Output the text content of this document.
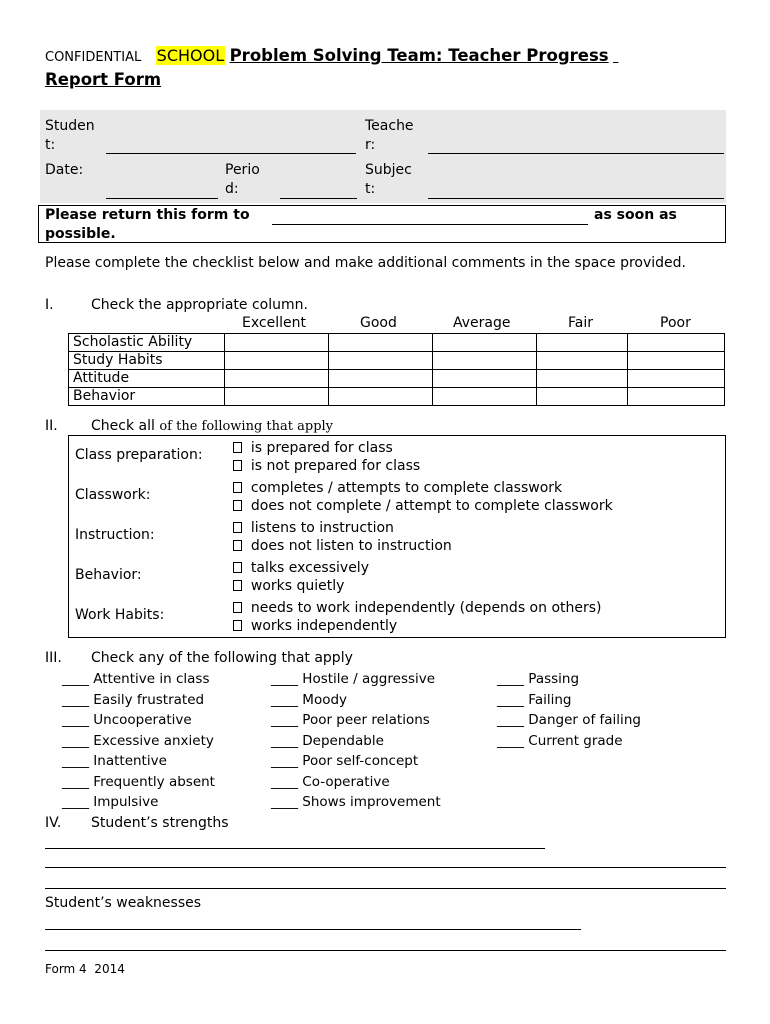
CONFIDENTIAL SCHOOL Problem Solving Team: Teacher Progress
Report Form
Studen
t:
Teache
r:
Date:	Perio
d:
Subjec
t:
Please return this form to	as soon as
possible.
Please complete the checklist below and make additional comments in the space provided.
I.	Check the appropriate column.
Excellent	Good	Average	Fair	Poor
Scholastic Ability					
Study Habits					
Attitude					
Behavior					
II. Check all of the following that apply
Class preparation:	is prepared for class
is not prepared for class
Classwork:	completes / attempts to complete classwork
does not complete / attempt to complete classwork
Instruction:	listens to instruction
does not listen to instruction
Behavior:	talks excessively
works quietly
Work Habits:	needs to work independently (depends on others)
works independently
III. Check any of the following that apply
____ Attentive in class
____ Easily frustrated
____ Uncooperative
____ Excessive anxiety
____ Inattentive
____ Frequently absent
____ Impulsive
____ Hostile / aggressive
____ Moody
____ Poor peer relations
____ Dependable
____ Poor self-concept
____ Co-operative
____ Shows improvement
____ Passing
____ Failing
____ Danger of failing
____ Current grade
IV. Student’s strengths
Student’s weaknesses
Form 4  2014
